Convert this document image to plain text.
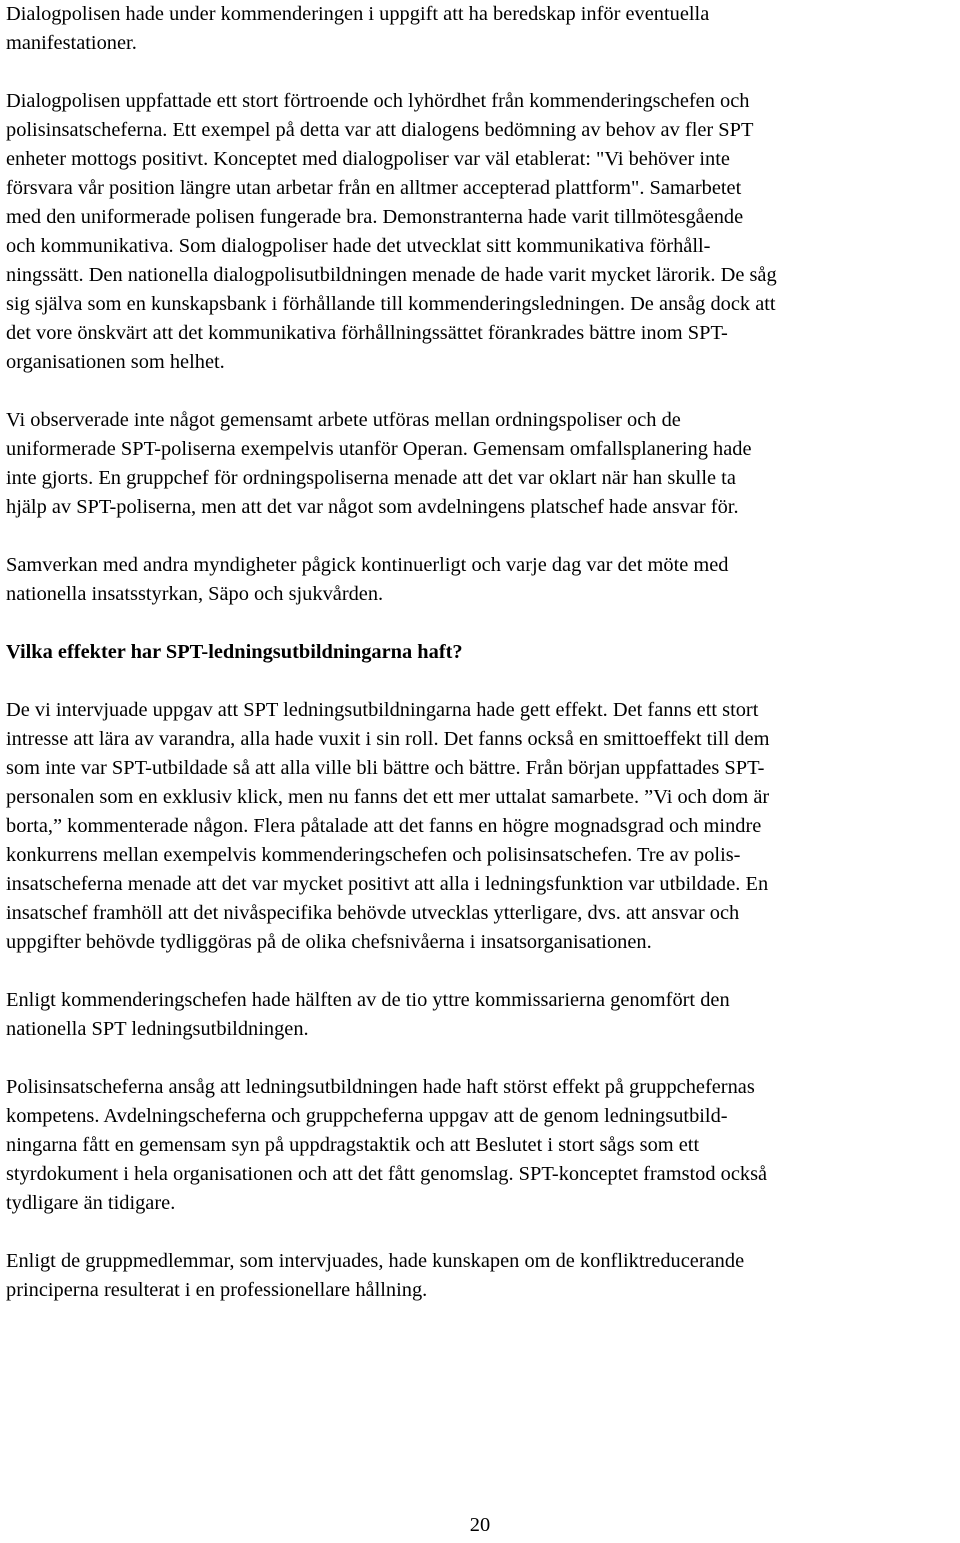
Dialogpolisen hade under kommenderingen i uppgift att ha beredskap inför eventuella
manifestationer.
Dialogpolisen uppfattade ett stort förtroende och lyhördhet från kommenderingschefen och
polisinsatscheferna. Ett exempel på detta var att dialogens bedömning av behov av fler SPT
enheter mottogs positivt. Konceptet med dialogpoliser var väl etablerat: "Vi behöver inte
försvara vår position längre utan arbetar från en alltmer accepterad plattform". Samarbetet
med den uniformerade polisen fungerade bra. Demonstranterna hade varit tillmötesgående
och kommunikativa. Som dialogpoliser hade det utvecklat sitt kommunikativa förhåll-
ningssätt. Den nationella dialogpolisutbildningen menade de hade varit mycket lärorik. De såg
sig själva som en kunskapsbank i förhållande till kommenderingsledningen. De ansåg dock att
det vore önskvärt att det kommunikativa förhållningssättet förankrades bättre inom SPT-
organisationen som helhet.
Vi observerade inte något gemensamt arbete utföras mellan ordningspoliser och de
uniformerade SPT-poliserna exempelvis utanför Operan. Gemensam omfallsplanering hade
inte gjorts. En gruppchef för ordningspoliserna menade att det var oklart när han skulle ta
hjälp av SPT-poliserna, men att det var något som avdelningens platschef hade ansvar för.
Samverkan med andra myndigheter pågick kontinuerligt och varje dag var det möte med
nationella insatsstyrkan, Säpo och sjukvården.
Vilka effekter har SPT-ledningsutbildningarna haft?
De vi intervjuade uppgav att SPT ledningsutbildningarna hade gett effekt. Det fanns ett stort
intresse att lära av varandra, alla hade vuxit i sin roll. Det fanns också en smittoeffekt till dem
som inte var SPT-utbildade så att alla ville bli bättre och bättre. Från början uppfattades SPT-
personalen som en exklusiv klick, men nu fanns det ett mer uttalat samarbete. ”Vi och dom är
borta,” kommenterade någon. Flera påtalade att det fanns en högre mognadsgrad och mindre
konkurrens mellan exempelvis kommenderingschefen och polisinsatschefen. Tre av polis-
insatscheferna menade att det var mycket positivt att alla i ledningsfunktion var utbildade. En
insatschef framhöll att det nivåspecifika behövde utvecklas ytterligare, dvs. att ansvar och
uppgifter behövde tydliggöras på de olika chefsnivåerna i insatsorganisationen.
Enligt kommenderingschefen hade hälften av de tio yttre kommissarierna genomfört den
nationella SPT ledningsutbildningen.
Polisinsatscheferna ansåg att ledningsutbildningen hade haft störst effekt på gruppchefernas
kompetens. Avdelningscheferna och gruppcheferna uppgav att de genom ledningsutbild-
ningarna fått en gemensam syn på uppdragstaktik och att Beslutet i stort sågs som ett
styrdokument i hela organisationen och att det fått genomslag. SPT-konceptet framstod också
tydligare än tidigare.
Enligt de gruppmedlemmar, som intervjuades, hade kunskapen om de konfliktreducerande
principerna resulterat i en professionellare hållning.
20
